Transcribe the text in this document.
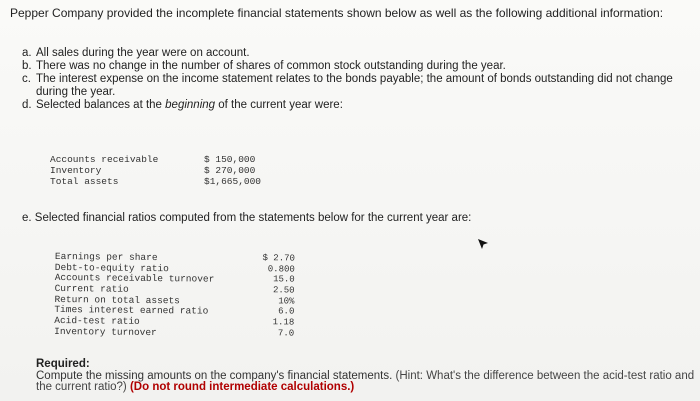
Pepper Company provided the incomplete financial statements shown below as well as the following additional information:
a. All sales during the year were on account.
b. There was no change in the number of shares of common stock outstanding during the year.
c. The interest expense on the income statement relates to the bonds payable; the amount of bonds outstanding did not change during the year.
d. Selected balances at the beginning of the current year were:
Accounts receivable	$ 150,000
Inventory	$ 270,000
Total assets	$1,665,000
e. Selected financial ratios computed from the statements below for the current year are:
Earnings per share	$ 2.70
Debt-to-equity ratio	0.800
Accounts receivable turnover	15.0
Current ratio	2.50
Return on total assets	10%
Times interest earned ratio	6.0
Acid-test ratio	1.18
Inventory turnover	7.0
Required:
Compute the missing amounts on the company's financial statements. (Hint: What's the difference between the acid-test ratio and the current ratio?) (Do not round intermediate calculations.)
